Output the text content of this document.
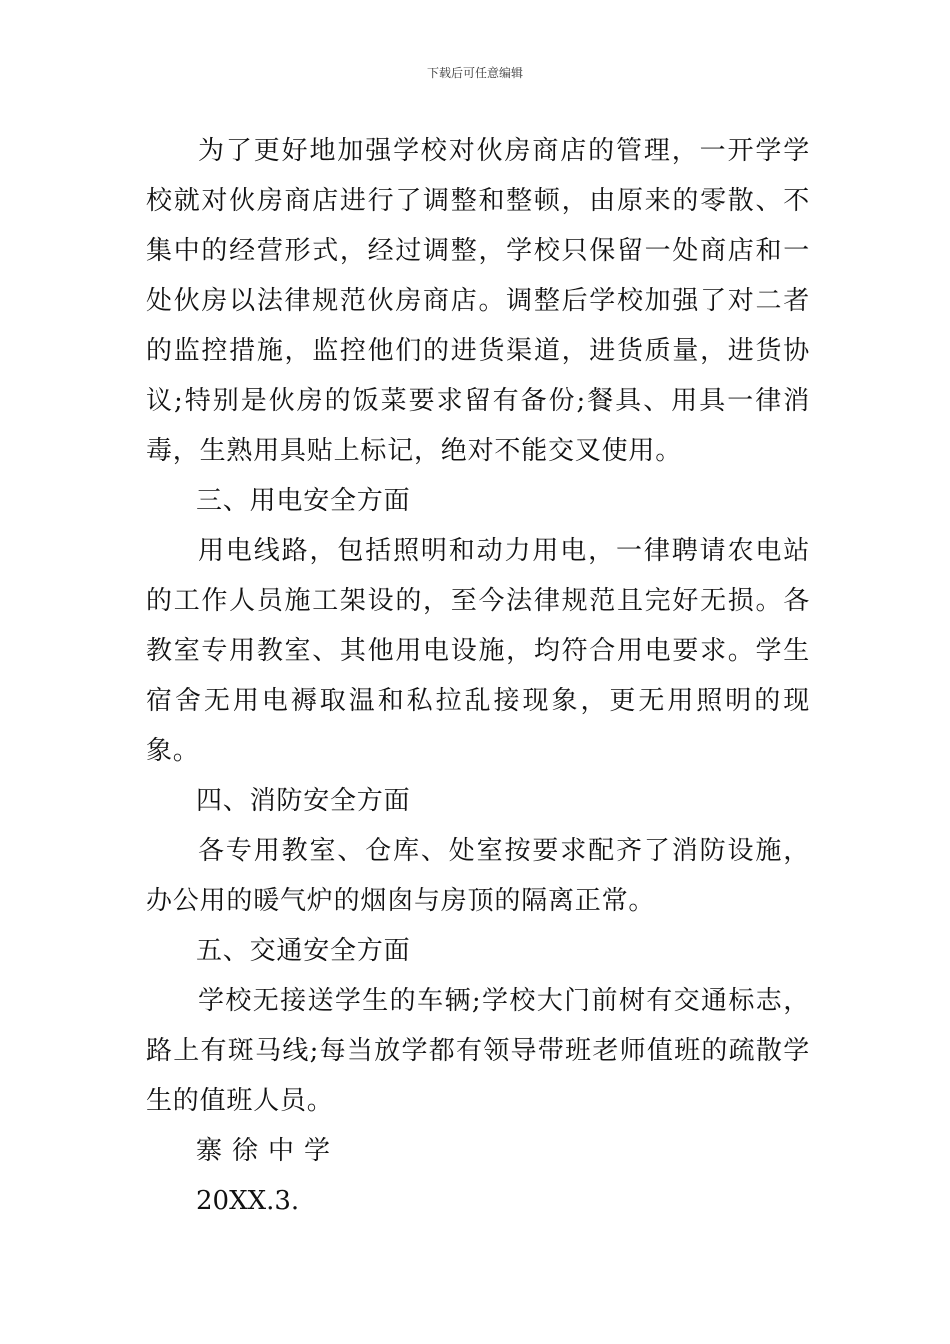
下载后可任意编辑

为了更好地加强学校对伙房商店的管理，一开学学校就对伙房商店进行了调整和整顿，由原来的零散、不集中的经营形式，经过调整，学校只保留一处商店和一处伙房以法律规范伙房商店。调整后学校加强了对二者的监控措施，监控他们的进货渠道，进货质量，进货协议;特别是伙房的饭菜要求留有备份;餐具、用具一律消毒，生熟用具贴上标记，绝对不能交叉使用。

三、用电安全方面

用电线路，包括照明和动力用电，一律聘请农电站的工作人员施工架设的，至今法律规范且完好无损。各教室专用教室、其他用电设施，均符合用电要求。学生宿舍无用电褥取温和私拉乱接现象，更无用照明的现象。

四、消防安全方面

各专用教室、仓库、处室按要求配齐了消防设施，办公用的暖气炉的烟囱与房顶的隔离正常。

五、交通安全方面

学校无接送学生的车辆;学校大门前树有交通标志，路上有斑马线;每当放学都有领导带班老师值班的疏散学生的值班人员。

寨徐中学

20XX.3.
